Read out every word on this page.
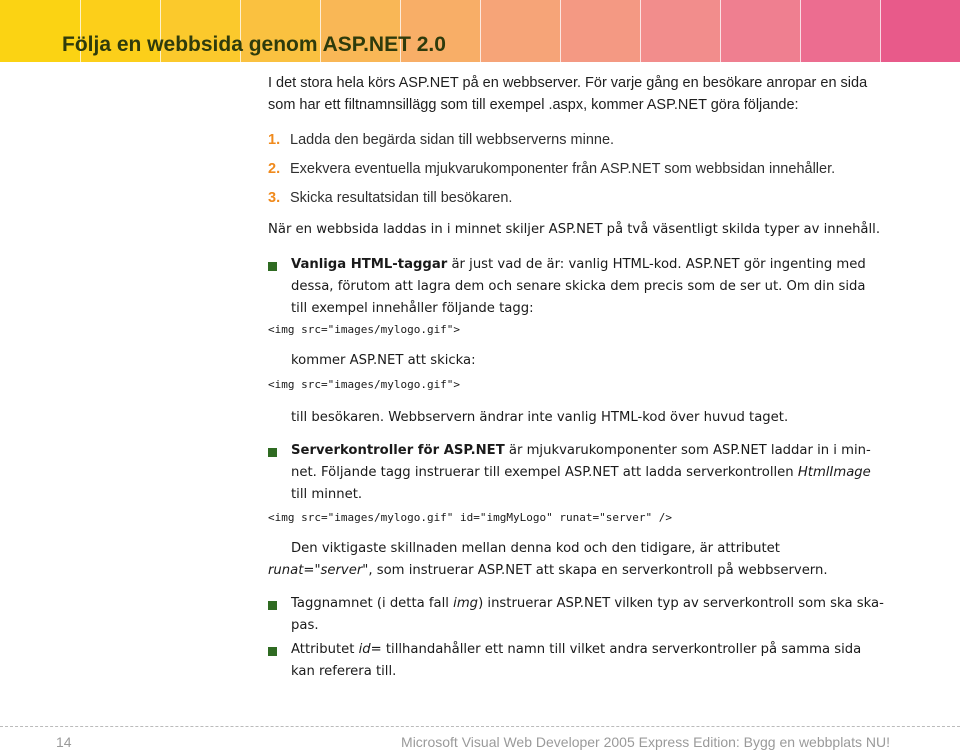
Följa en webbsida genom ASP.NET 2.0

I det stora hela körs ASP.NET på en webbserver. För varje gång en besökare anropar en sida som har ett filtnamnsillägg som till exempel .aspx, kommer ASP.NET göra följande:

1. Ladda den begärda sidan till webbserverns minne.
2. Exekvera eventuella mjukvarukomponenter från ASP.NET som webbsidan innehåller.
3. Skicka resultatsidan till besökaren.

När en webbsida laddas in i minnet skiljer ASP.NET på två väsentligt skilda typer av innehåll.

Vanliga HTML-taggar är just vad de är: vanlig HTML-kod. ASP.NET gör ingenting med
dessa, förutom att lagra dem och senare skicka dem precis som de ser ut. Om din sida
till exempel innehåller följande tagg:

<img src="images/mylogo.gif">

kommer ASP.NET att skicka:

<img src="images/mylogo.gif">

till besökaren. Webbservern ändrar inte vanlig HTML-kod över huvud taget.

Serverkontroller för ASP.NET är mjukvarukomponenter som ASP.NET laddar in i min-
net. Följande tagg instruerar till exempel ASP.NET att ladda serverkontrollen HtmlImage
till minnet.

<img src="images/mylogo.gif" id="imgMyLogo" runat="server" />

Den viktigaste skillnaden mellan denna kod och den tidigare, är attributet

runat="server", som instruerar ASP.NET att skapa en serverkontroll på webbservern.

Taggnamnet (i detta fall img) instruerar ASP.NET vilken typ av serverkontroll som ska ska-
pas.

Attributet id= tillhandahåller ett namn till vilket andra serverkontroller på samma sida
kan referera till.

14	Microsoft Visual Web Developer 2005 Express Edition: Bygg en webbplats NU!
